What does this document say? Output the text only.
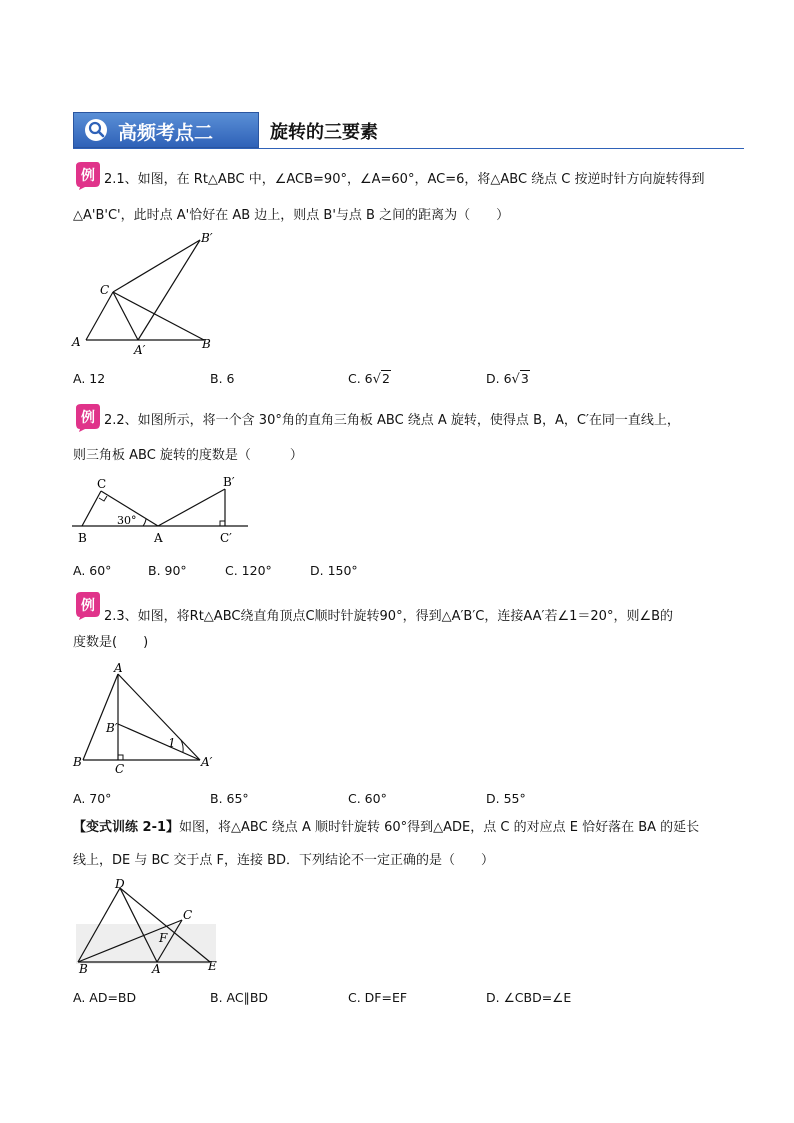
高频考点二	旋转的三要素
例 2.1、如图，在 Rt△ABC 中，∠ACB=90°，∠A=60°，AC=6，将△ABC 绕点 C 按逆时针方向旋转得到
△A'B'C'，此时点 A'恰好在 AB 边上，则点 B'与点 B 之间的距离为（　　）
B′
C
A
A′	B
A. 12	B. 6	C. 6√2	D. 6√3
例 2.2、如图所示，将一个含 30°角的直角三角板 ABC 绕点 A 旋转，使得点 B，A，C′在同一直线上，
则三角板 ABC 旋转的度数是（　　　）
C	B′
30°
B	A	C′
A. 60°	B. 90°	C. 120°	D. 150°
例
2.3、如图，将Rt△ABC绕直角顶点C顺时针旋转90°，得到△A′B′C，连接AA′若∠1＝20°，则∠B的
度数是(　　)
A
B′
1
B	C	A′
A. 70°	B. 65°	C. 60°	D. 55°
【变式训练 2-1】如图，将△ABC 绕点 A 顺时针旋转 60°得到△ADE，点 C 的对应点 E 恰好落在 BA 的延长
线上，DE 与 BC 交于点 F，连接 BD．下列结论不一定正确的是（　　）
D
C
F
B	A	E
A. AD=BD	B. AC∥BD	C. DF=EF	D. ∠CBD=∠E
